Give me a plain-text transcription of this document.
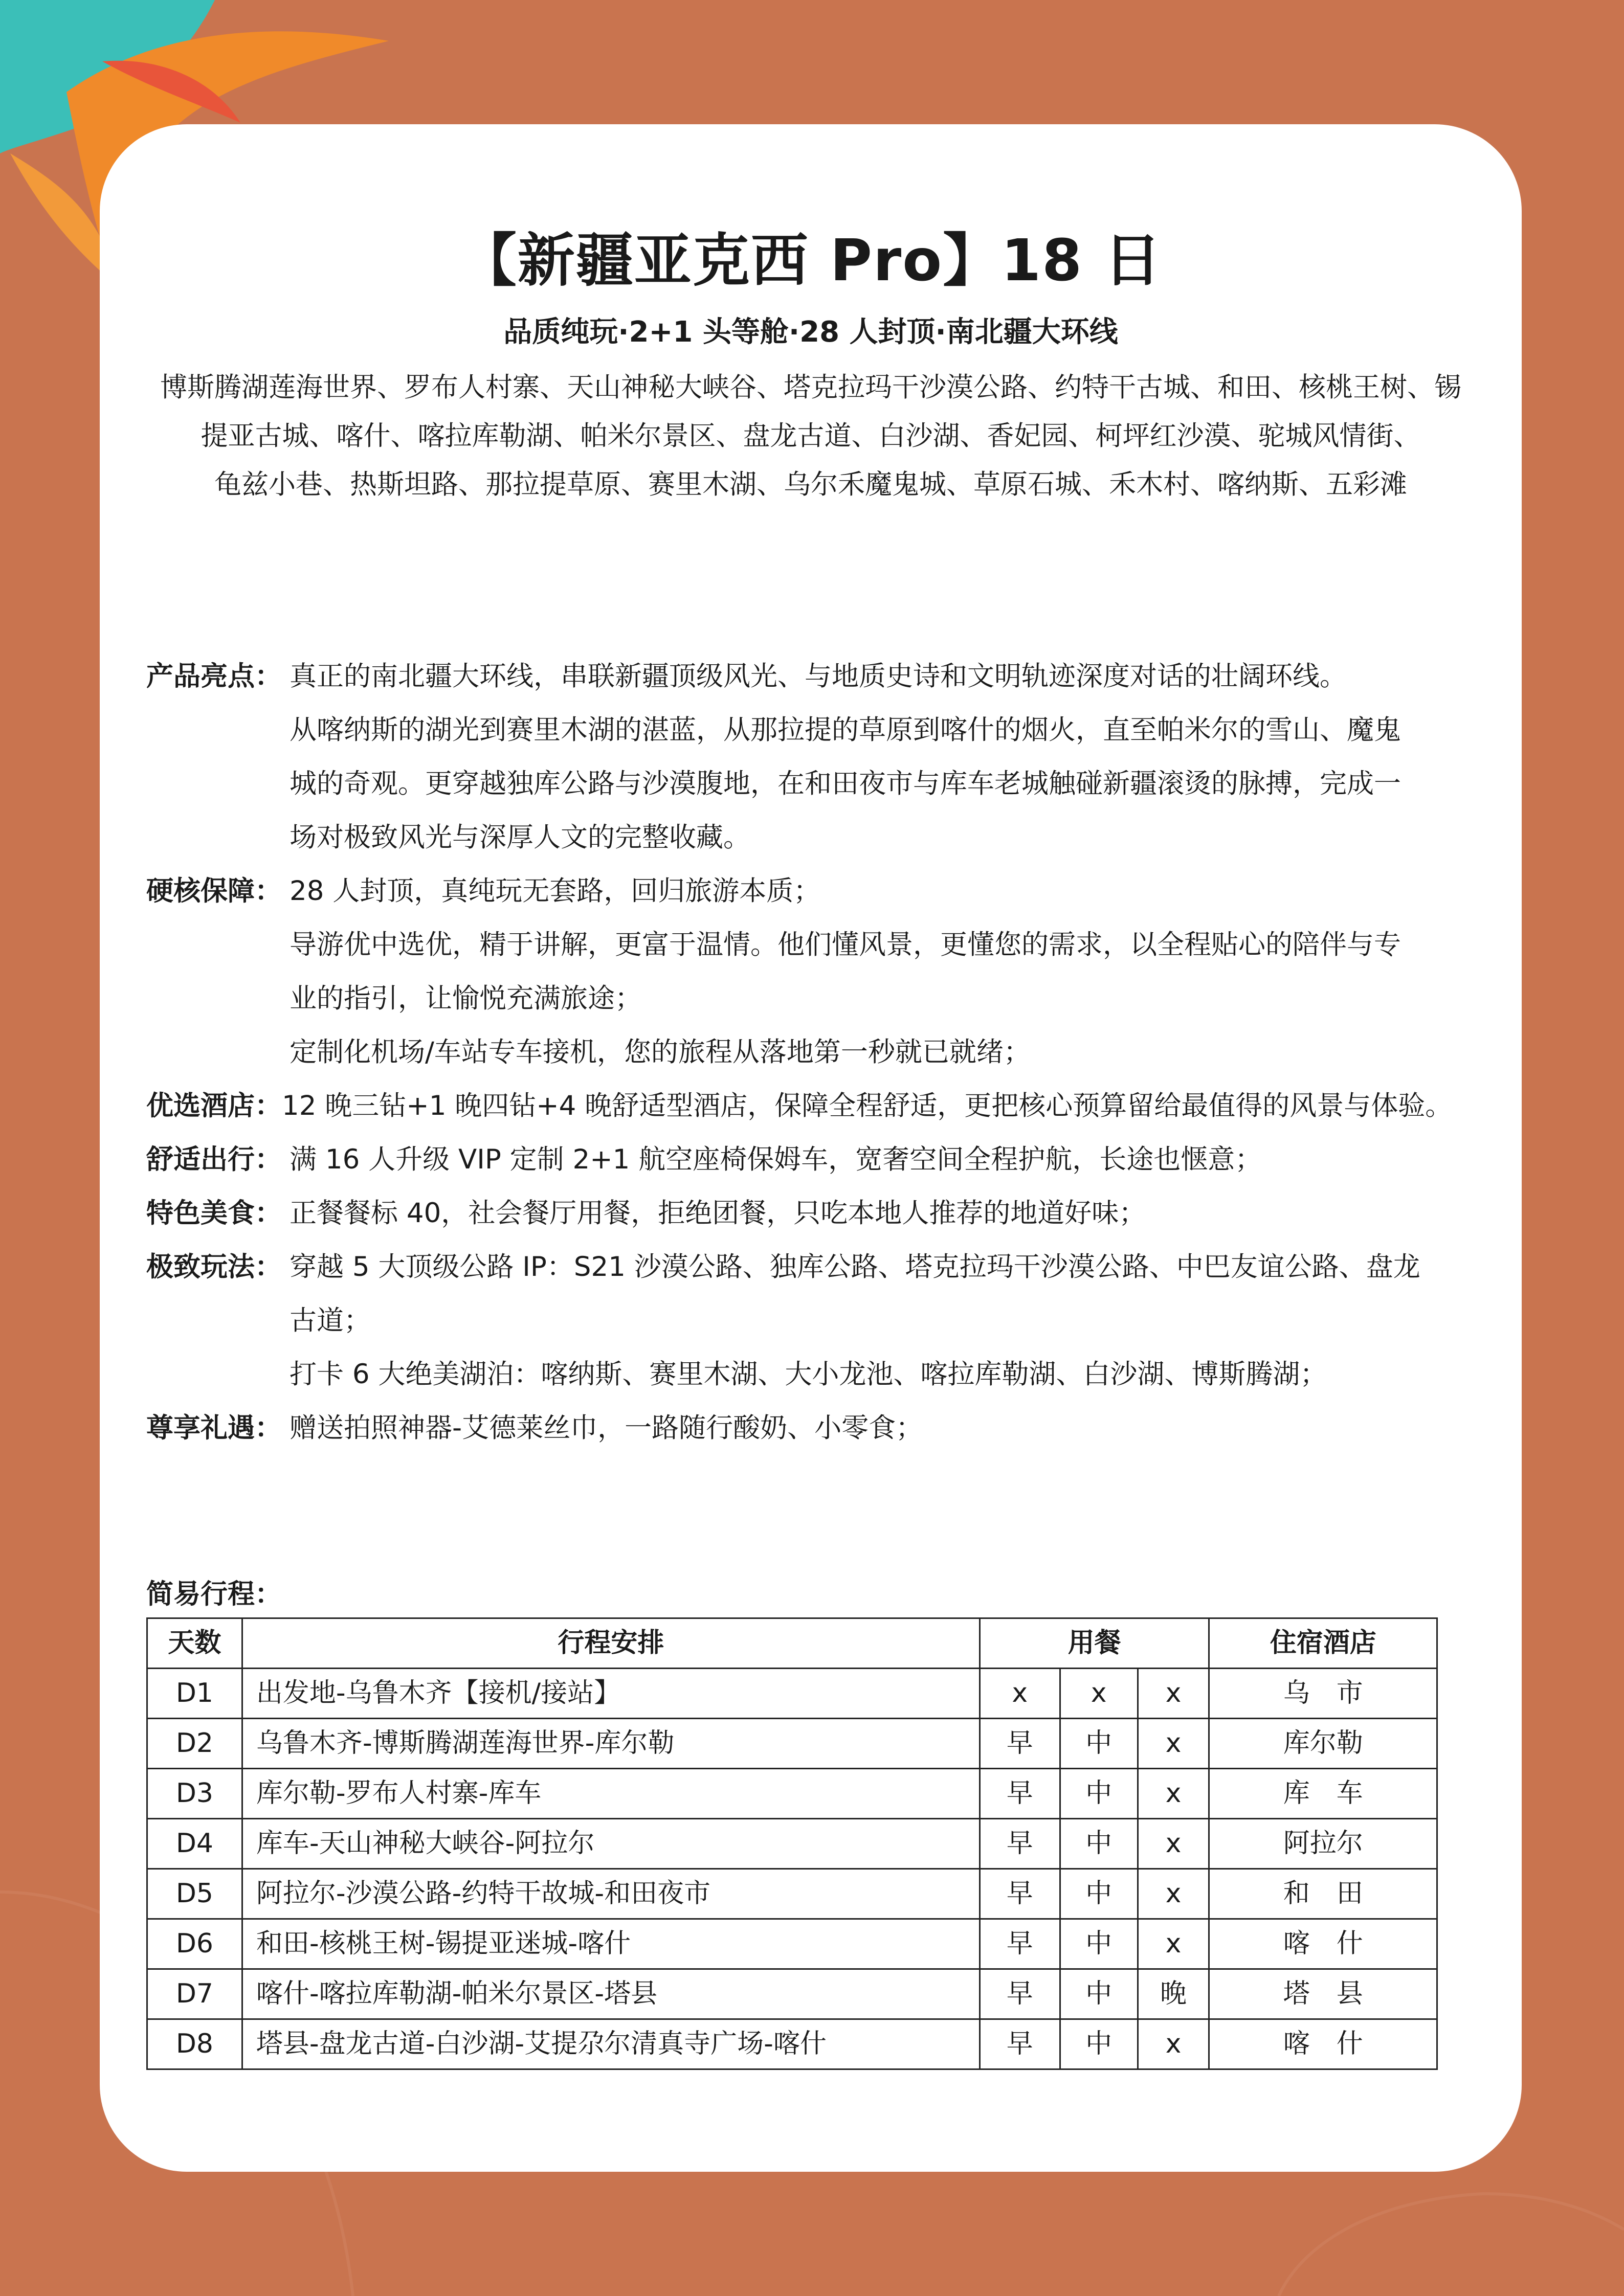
【新疆亚克西 Pro】18 日
品质纯玩·2+1 头等舱·28 人封顶·南北疆大环线
博斯腾湖莲海世界、罗布人村寨、天山神秘大峡谷、塔克拉玛干沙漠公路、约特干古城、和田、核桃王树、锡
提亚古城、喀什、喀拉库勒湖、帕米尔景区、盘龙古道、白沙湖、香妃园、柯坪红沙漠、驼城风情街、
龟兹小巷、热斯坦路、那拉提草原、赛里木湖、乌尔禾魔鬼城、草原石城、禾木村、喀纳斯、五彩滩
产品亮点： 真正的南北疆大环线，串联新疆顶级风光、与地质史诗和文明轨迹深度对话的壮阔环线。
从喀纳斯的湖光到赛里木湖的湛蓝，从那拉提的草原到喀什的烟火，直至帕米尔的雪山、魔鬼
城的奇观。更穿越独库公路与沙漠腹地，在和田夜市与库车老城触碰新疆滚烫的脉搏，完成一
场对极致风光与深厚人文的完整收藏。
硬核保障： 28 人封顶，真纯玩无套路，回归旅游本质；
导游优中选优，精于讲解，更富于温情。他们懂风景，更懂您的需求，以全程贴心的陪伴与专
业的指引，让愉悦充满旅途；
定制化机场/车站专车接机，您的旅程从落地第一秒就已就绪；
优选酒店： 12 晚三钻+1 晚四钻+4 晚舒适型酒店，保障全程舒适，更把核心预算留给最值得的风景与体验。
舒适出行： 满 16 人升级 VIP 定制 2+1 航空座椅保姆车，宽奢空间全程护航，长途也惬意；
特色美食： 正餐餐标 40，社会餐厅用餐，拒绝团餐，只吃本地人推荐的地道好味；
极致玩法： 穿越 5 大顶级公路 IP：S21 沙漠公路、独库公路、塔克拉玛干沙漠公路、中巴友谊公路、盘龙
古道；
打卡 6 大绝美湖泊：喀纳斯、赛里木湖、大小龙池、喀拉库勒湖、白沙湖、博斯腾湖；
尊享礼遇： 赠送拍照神器-艾德莱丝巾，一路随行酸奶、小零食；
简易行程：
天数	行程安排	用餐			住宿酒店
D1	出发地-乌鲁木齐【接机/接站】	x	x	x	乌　市
D2	乌鲁木齐-博斯腾湖莲海世界-库尔勒	早	中	x	库尔勒
D3	库尔勒-罗布人村寨-库车	早	中	x	库　车
D4	库车-天山神秘大峡谷-阿拉尔	早	中	x	阿拉尔
D5	阿拉尔-沙漠公路-约特干故城-和田夜市	早	中	x	和　田
D6	和田-核桃王树-锡提亚迷城-喀什	早	中	x	喀　什
D7	喀什-喀拉库勒湖-帕米尔景区-塔县	早	中	晚	塔　县
D8	塔县-盘龙古道-白沙湖-艾提尕尔清真寺广场-喀什	早	中	x	喀　什
